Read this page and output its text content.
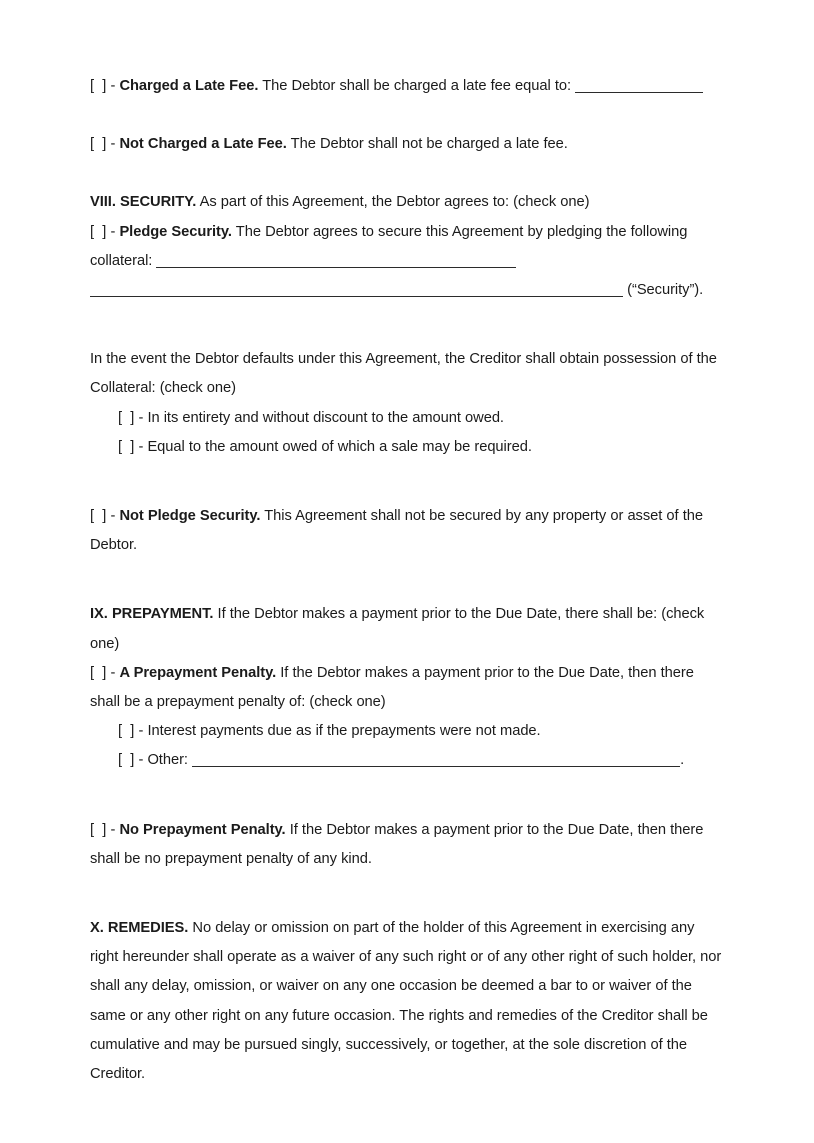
[  ] - Charged a Late Fee. The Debtor shall be charged a late fee equal to:

[  ] - Not Charged a Late Fee. The Debtor shall not be charged a late fee.

VIII. SECURITY. As part of this Agreement, the Debtor agrees to: (check one)

[  ] - Pledge Security. The Debtor agrees to secure this Agreement by pledging the following collateral:  (“Security”).

In the event the Debtor defaults under this Agreement, the Creditor shall obtain possession of the Collateral: (check one)

[  ] - In its entirety and without discount to the amount owed.

[  ] - Equal to the amount owed of which a sale may be required.

[  ] - Not Pledge Security. This Agreement shall not be secured by any property or asset of the Debtor.

IX. PREPAYMENT. If the Debtor makes a payment prior to the Due Date, there shall be: (check one)

[  ] - A Prepayment Penalty. If the Debtor makes a payment prior to the Due Date, then there shall be a prepayment penalty of: (check one)

[  ] - Interest payments due as if the prepayments were not made.

[  ] - Other:	.

[  ] - No Prepayment Penalty. If the Debtor makes a payment prior to the Due Date, then there shall be no prepayment penalty of any kind.

X. REMEDIES. No delay or omission on part of the holder of this Agreement in exercising any right hereunder shall operate as a waiver of any such right or of any other right of such holder, nor shall any delay, omission, or waiver on any one occasion be deemed a bar to or waiver of the same or any other right on any future occasion. The rights and remedies of the Creditor shall be cumulative and may be pursued singly, successively, or together, at the sole discretion of the Creditor.
